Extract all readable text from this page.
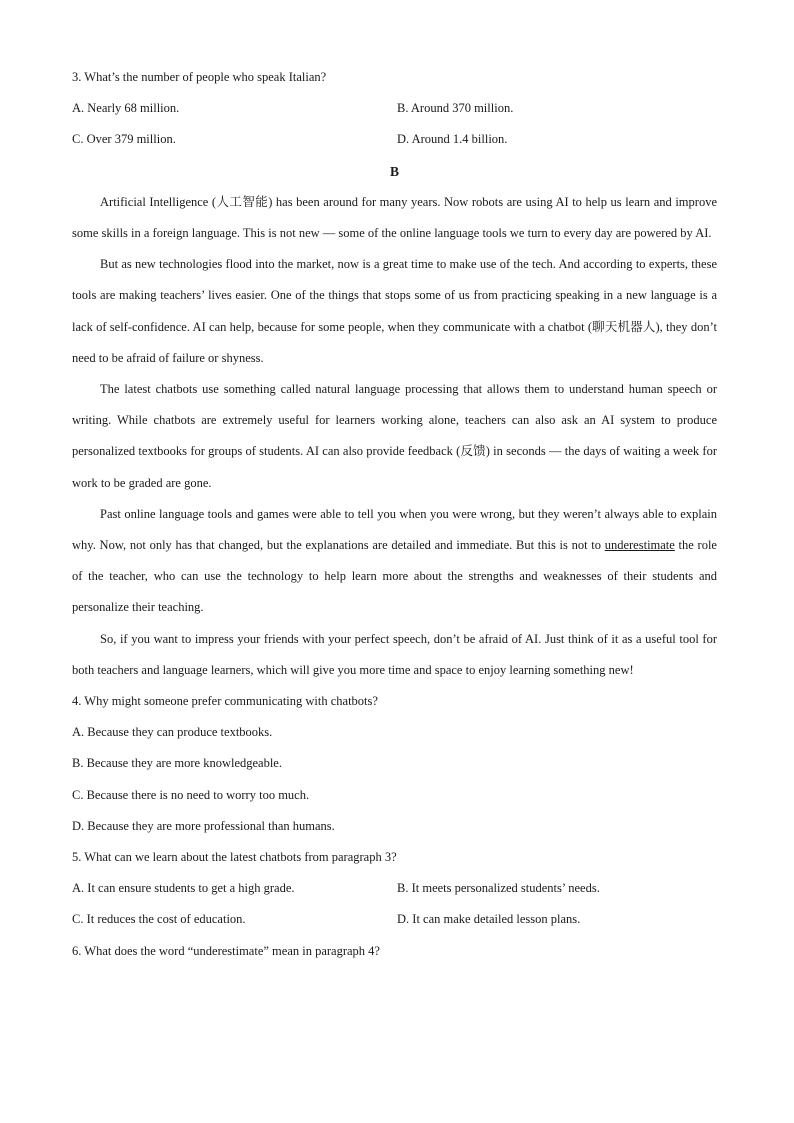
3. What’s the number of people who speak Italian?
A. Nearly 68 million.	B. Around 370 million.
C. Over 379 million.	D. Around 1.4 billion.
B
Artificial Intelligence (人工智能) has been around for many years. Now robots are using AI to help us learn and improve some skills in a foreign language. This is not new — some of the online language tools we turn to every day are powered by AI.
But as new technologies flood into the market, now is a great time to make use of the tech. And according to experts, these tools are making teachers’ lives easier. One of the things that stops some of us from practicing speaking in a new language is a lack of self-confidence. AI can help, because for some people, when they communicate with a chatbot (聊天机器人), they don’t need to be afraid of failure or shyness.
The latest chatbots use something called natural language processing that allows them to understand human speech or writing. While chatbots are extremely useful for learners working alone, teachers can also ask an AI system to produce personalized textbooks for groups of students. AI can also provide feedback (反馈) in seconds — the days of waiting a week for work to be graded are gone.
Past online language tools and games were able to tell you when you were wrong, but they weren’t always able to explain why. Now, not only has that changed, but the explanations are detailed and immediate. But this is not to underestimate the role of the teacher, who can use the technology to help learn more about the strengths and weaknesses of their students and personalize their teaching.
So, if you want to impress your friends with your perfect speech, don’t be afraid of AI. Just think of it as a useful tool for both teachers and language learners, which will give you more time and space to enjoy learning something new!
4. Why might someone prefer communicating with chatbots?
A. Because they can produce textbooks.
B. Because they are more knowledgeable.
C. Because there is no need to worry too much.
D. Because they are more professional than humans.
5. What can we learn about the latest chatbots from paragraph 3?
A. It can ensure students to get a high grade.	B. It meets personalized students’ needs.
C. It reduces the cost of education.	D. It can make detailed lesson plans.
6. What does the word “underestimate” mean in paragraph 4?
